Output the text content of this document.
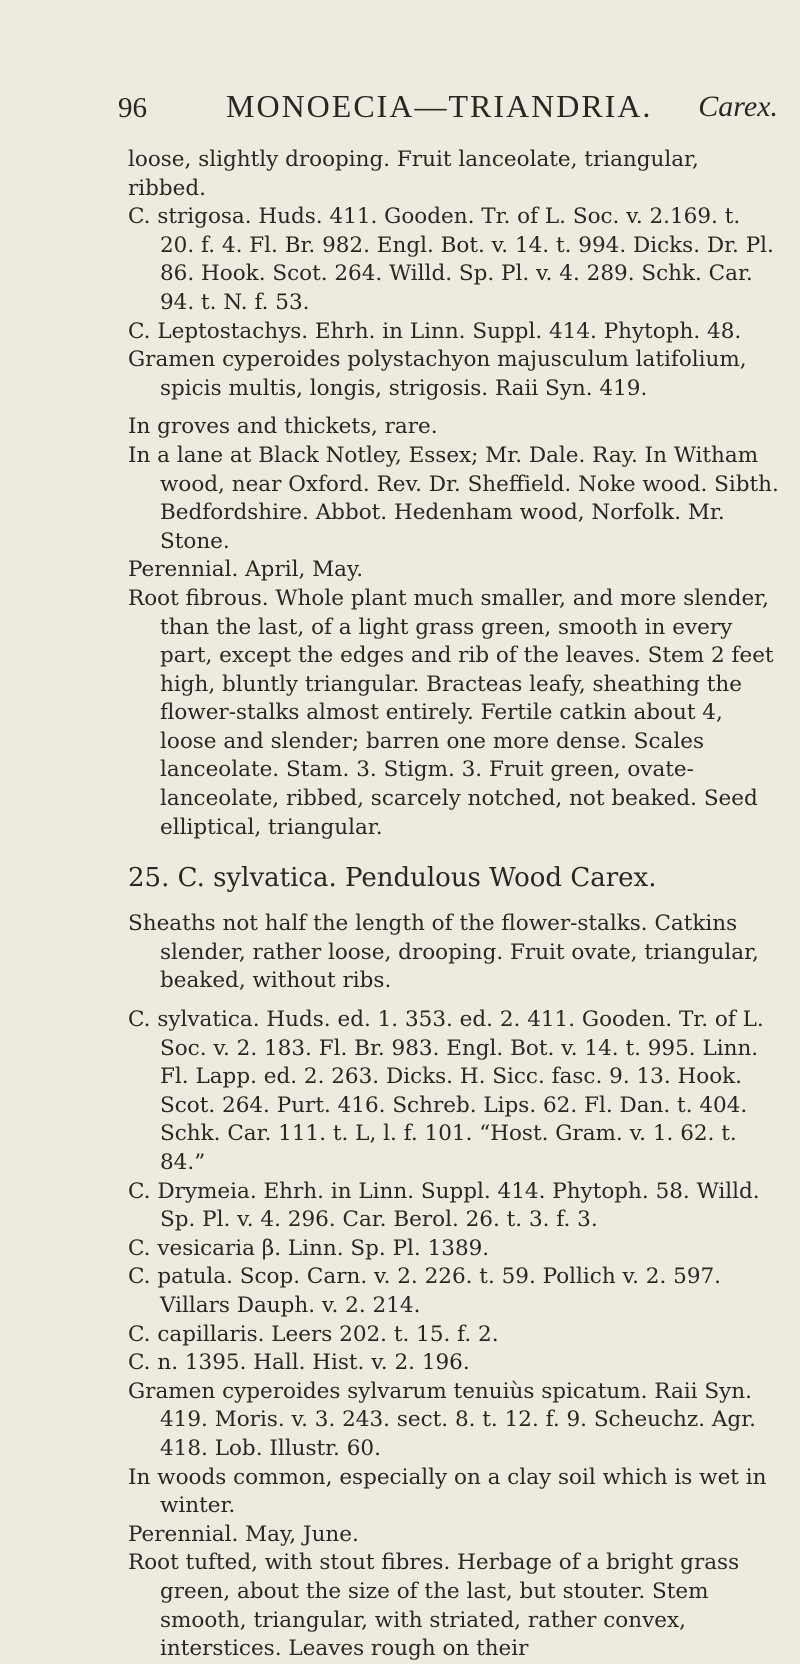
96 MONOECIA—TRIANDRIA. Carex.

loose, slightly drooping. Fruit lanceolate, triangular, ribbed.

C. strigosa. Huds. 411. Gooden. Tr. of L. Soc. v. 2.169. t. 20. f. 4. Fl. Br. 982. Engl. Bot. v. 14. t. 994. Dicks. Dr. Pl. 86. Hook. Scot. 264. Willd. Sp. Pl. v. 4. 289. Schk. Car. 94. t. N. f. 53.

C. Leptostachys. Ehrh. in Linn. Suppl. 414. Phytoph. 48.

Gramen cyperoides polystachyon majusculum latifolium, spicis multis, longis, strigosis. Raii Syn. 419.

In groves and thickets, rare.

In a lane at Black Notley, Essex; Mr. Dale. Ray. In Witham wood, near Oxford. Rev. Dr. Sheffield. Noke wood. Sibth. Bedfordshire. Abbot. Hedenham wood, Norfolk. Mr. Stone.

Perennial. April, May.

Root fibrous. Whole plant much smaller, and more slender, than the last, of a light grass green, smooth in every part, except the edges and rib of the leaves. Stem 2 feet high, bluntly triangular. Bracteas leafy, sheathing the flower-stalks almost entirely. Fertile catkin about 4, loose and slender; barren one more dense. Scales lanceolate. Stam. 3. Stigm. 3. Fruit green, ovate-lanceolate, ribbed, scarcely notched, not beaked. Seed elliptical, triangular.

25. C. sylvatica. Pendulous Wood Carex.

Sheaths not half the length of the flower-stalks. Catkins slender, rather loose, drooping. Fruit ovate, triangular, beaked, without ribs.

C. sylvatica. Huds. ed. 1. 353. ed. 2. 411. Gooden. Tr. of L. Soc. v. 2. 183. Fl. Br. 983. Engl. Bot. v. 14. t. 995. Linn. Fl. Lapp. ed. 2. 263. Dicks. H. Sicc. fasc. 9. 13. Hook. Scot. 264. Purt. 416. Schreb. Lips. 62. Fl. Dan. t. 404. Schk. Car. 111. t. L, l. f. 101. “Host. Gram. v. 1. 62. t. 84.”

C. Drymeia. Ehrh. in Linn. Suppl. 414. Phytoph. 58. Willd. Sp. Pl. v. 4. 296. Car. Berol. 26. t. 3. f. 3.

C. vesicaria β. Linn. Sp. Pl. 1389.

C. patula. Scop. Carn. v. 2. 226. t. 59. Pollich v. 2. 597. Villars Dauph. v. 2. 214.

C. capillaris. Leers 202. t. 15. f. 2.

C. n. 1395. Hall. Hist. v. 2. 196.

Gramen cyperoides sylvarum tenuiùs spicatum. Raii Syn. 419. Moris. v. 3. 243. sect. 8. t. 12. f. 9. Scheuchz. Agr. 418. Lob. Illustr. 60.

In woods common, especially on a clay soil which is wet in winter.

Perennial. May, June.

Root tufted, with stout fibres. Herbage of a bright grass green, about the size of the last, but stouter. Stem smooth, triangular, with striated, rather convex, interstices. Leaves rough on their
